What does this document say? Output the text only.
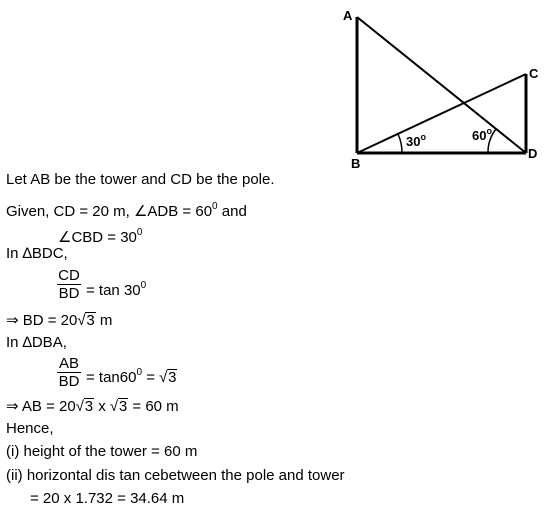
A
B
C
D
30$^o$	60$^o$
Let AB be the tower and CD be the pole.
Given, CD = 20 m, ∠ADB = $60^0$ and
∠CBD = $30^0$
In ∆BDC,
CD
BD = $\tan 30^0$
⇒ BD = 20 √ 3 m
In ∆DBA,
AB
BD = $\tan 60^0$ = √ 3
⇒ AB = 20 √ 3 x √ 3 = 60 m
Hence,
(i) height of the tower = 60 m
(ii) horizontal dis tan cebetween the pole and tower
= 20 x 1.732 = 34.64 m
